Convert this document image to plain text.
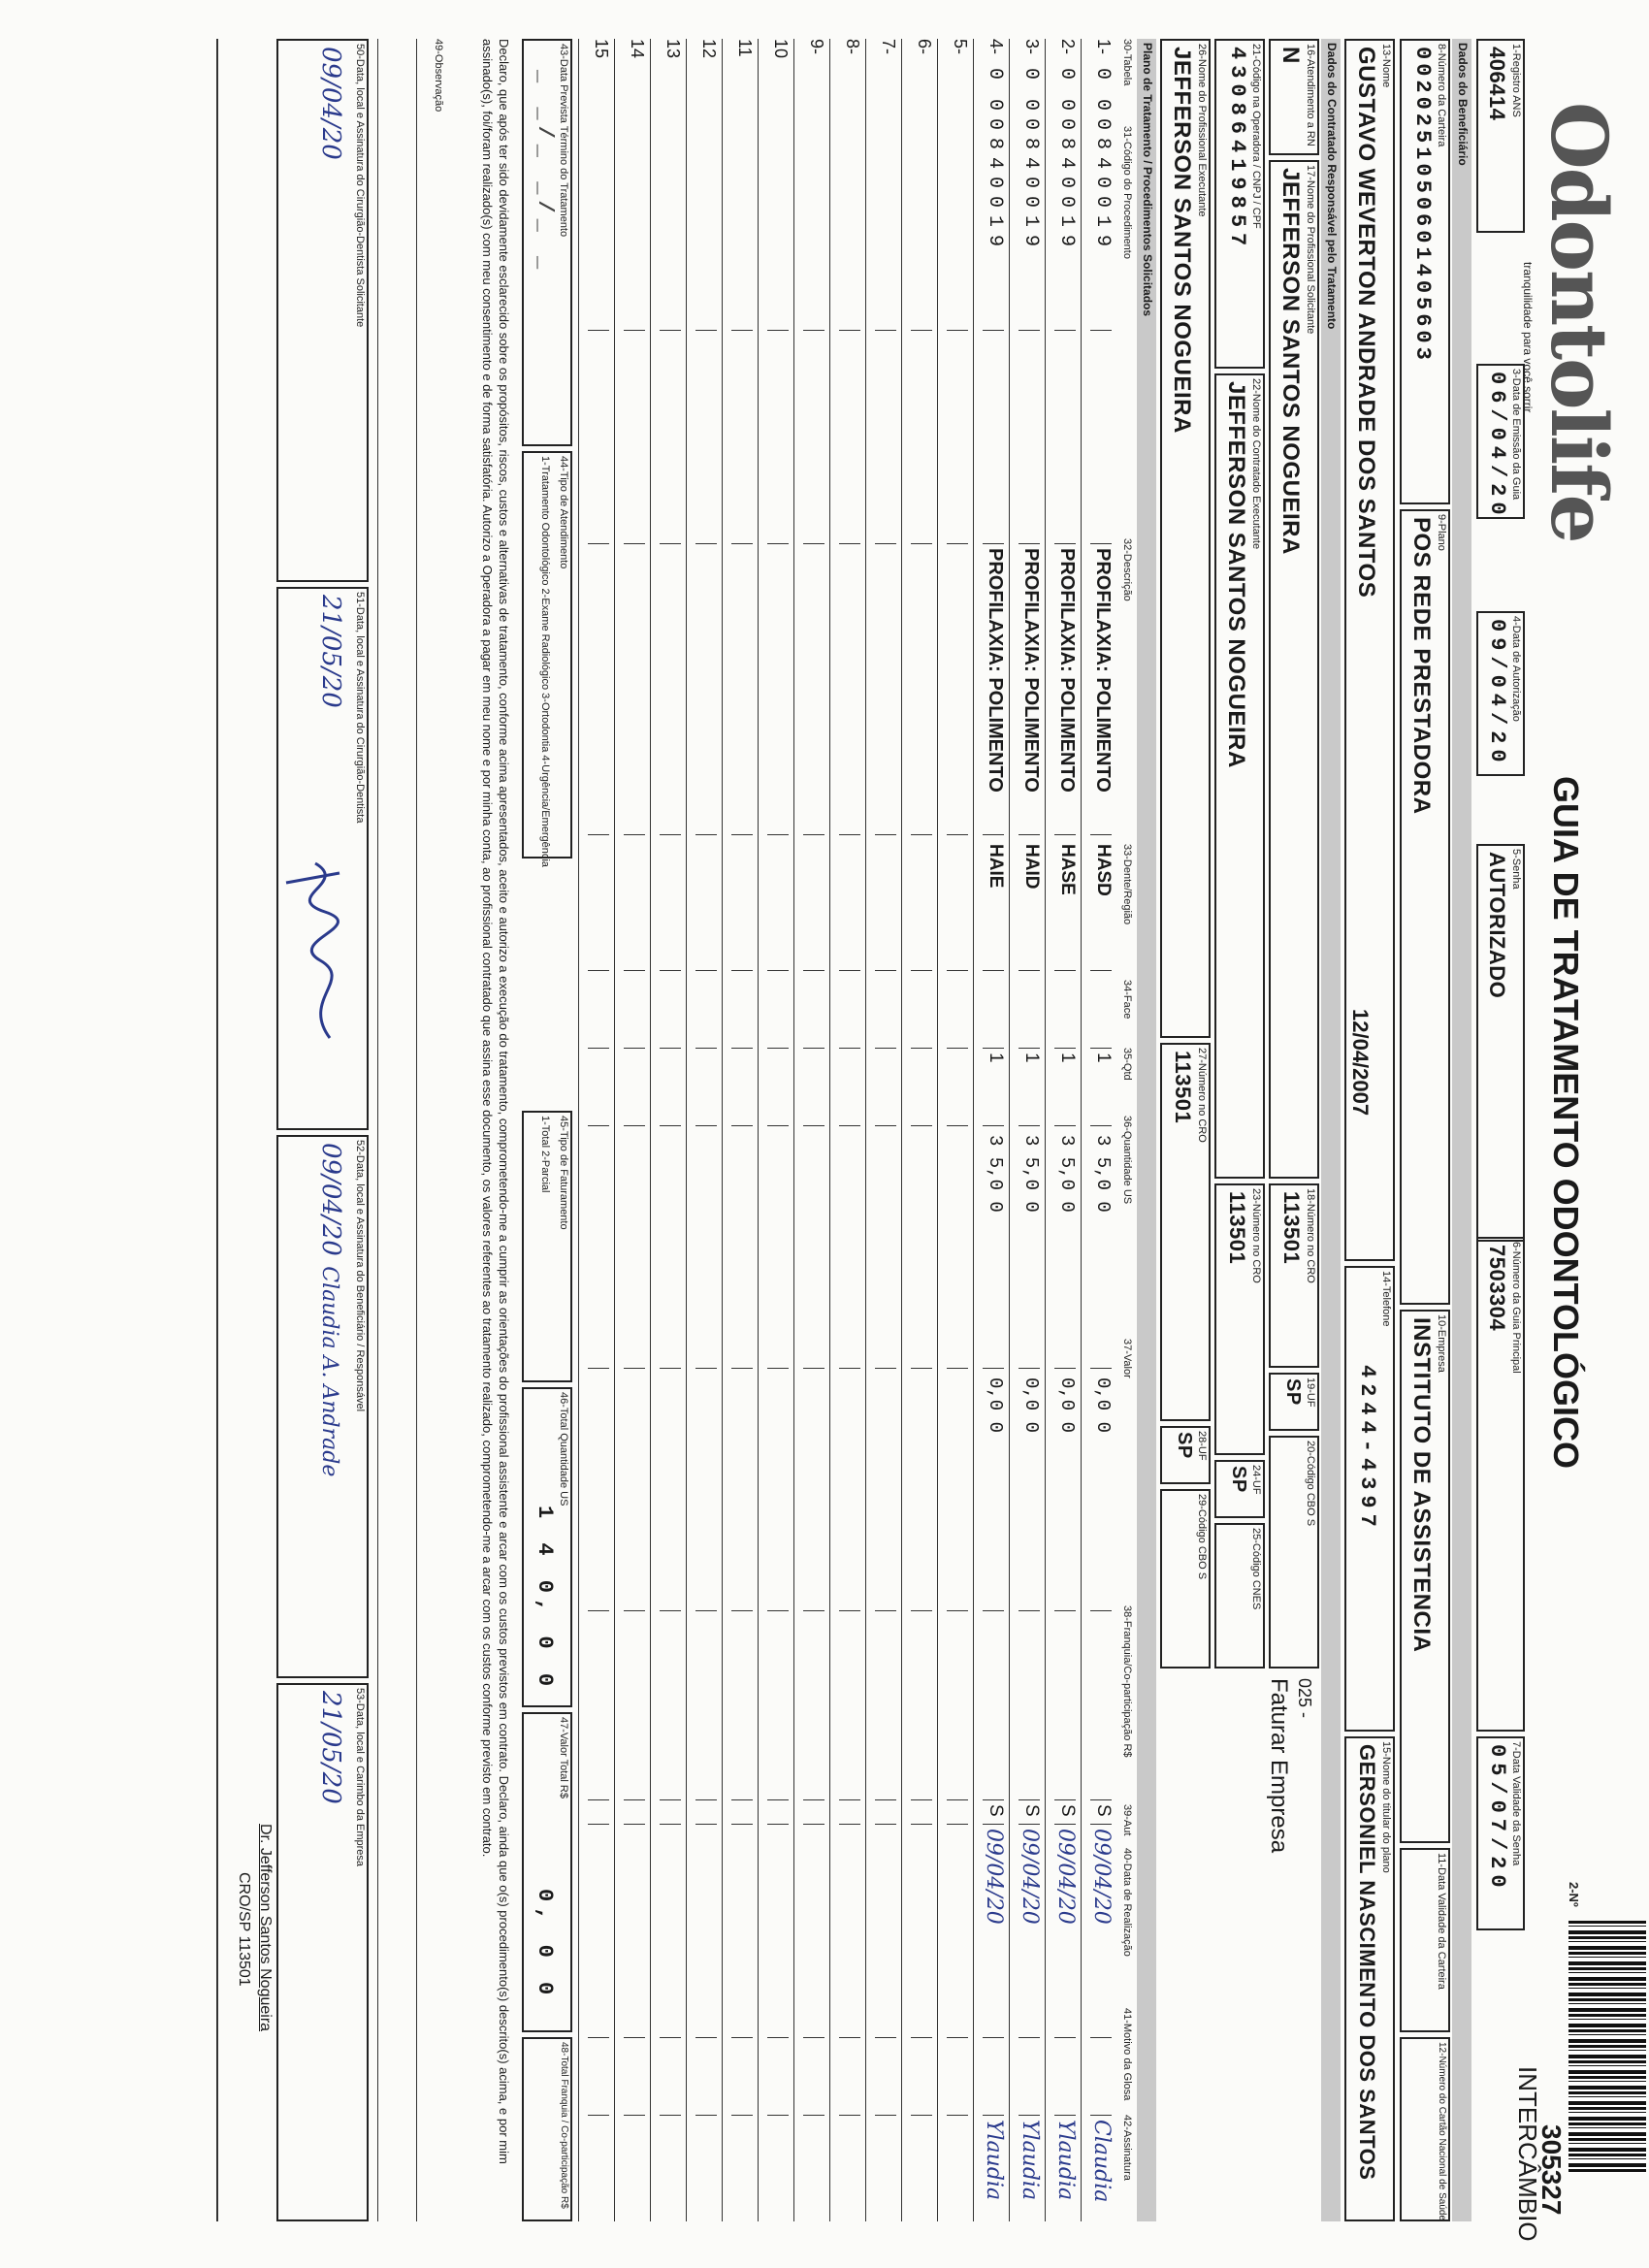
Odontolife
tranquilidade para você sorrir
GUIA DE TRATAMENTO ODONTOLÓGICO
2-Nº
305327
INTERCÂMBIO
1-Registro ANS
406414
3-Data de Emissão da Guia
06/04/20
4-Data de Autorização
09/04/20
5-Senha
AUTORIZADO
6-Número da Guia Principal
7503304
7-Data Validade da Senha
05/07/20
Dados do Beneficiário
8-Número da Carteira
0020251050601405603
9-Plano
POS REDE PRESTADORA
10-Empresa
INSTITUTO DE ASSISTENCIA
11-Data Validade da Carteira
12-Número do Cartão Nacional de Saúde
13-Nome
GUSTAVO WEVERTON ANDRADE DOS SANTOS
12/04/2007
14-Telefone
4244-4397
15-Nome do titular do plano
GERSONIEL NASCIMENTO DOS SANTOS
Dados do Contratado Responsável pelo Tratamento
16-Atendimento a RN
N
17-Nome do Profissional Solicitante
JEFFERSON SANTOS NOGUEIRA
18-Número no CRO
113501
19-UF
SP
20-Código CBO S
025 -
Faturar Empresa
21-Código na Operadora / CNPJ / CPF
43086419857
22-Nome do Contratado Executante
JEFFERSON SANTOS NOGUEIRA
23-Número no CRO
113501
24-UF
SP
25-Código CNES
26-Nome do Profissional Executante
JEFFERSON SANTOS NOGUEIRA
27-Número no CRO
113501
28-UF
SP
29-Código CBO S
Plano de Tratamento / Procedimentos Solicitados
30-Tabela
31-Código do Procedimento
32-Descrição
33-Dente/Região
34-Face
35-Qtd
36-Quantidade US
37-Valor
38-Franquia/Co-participação R$
39-Aut
40-Data de Realização
41-Motivo da Glosa
42-Assinatura
1-
0
00840019
PROFILAXIA: POLIMENTO
HASD
1
3 5,0 0
0,0 0
S
09/04/20
Claudia
2-
0
00840019
PROFILAXIA: POLIMENTO
HASE
1
3 5,0 0
0,0 0
S
09/04/20
Ylaudia
3-
0
00840019
PROFILAXIA: POLIMENTO
HAID
1
3 5,0 0
0,0 0
S
09/04/20
Ylaudia
4-
0
00840019
PROFILAXIA: POLIMENTO
HAIE
1
3 5,0 0
0,0 0
S
09/04/20
Ylaudia
5-
6-
7-
8-
9-
10
11
12
13
14
15
43-Data Prevista Término do Tratamento
_ _/_ _/_ _
44-Tipo de Atendimento
1-Tratamento Odontológico 2-Exame Radiológico 3-Ortodontia 4-Urgência/Emergência
45-Tipo de Faturamento
1-Total 2-Parcial
46-Total Quantidade US
1 4 0, 0 0
47-Valor Total R$
0, 0 0
48-Total Franquia / Co-participação R$
Declaro, que após ter sido devidamente esclarecido sobre os propósitos, riscos, custos e alternativas de tratamento, conforme acima apresentados, aceito e autorizo a execução do tratamento, comprometendo-me a cumprir as orientações do profissional assistente e arcar com os custos previstos em contrato. Declaro, ainda que o(s) procedimento(s) descrito(s) acima, e por mim assinado(s), foi/foram realizado(s) com meu consentimento e de forma satisfatória. Autorizo a Operadora a pagar em meu nome e por minha conta, ao profissional contratado que assina esse documento, os valores referentes ao tratamento realizado, comprometendo-me a arcar com os custos conforme previsto em contrato.
49-Observação
50-Data, local e Assinatura do Cirurgião-Dentista Solicitante
09/04/20
51-Data, local e Assinatura do Cirurgião-Dentista
21/05/20
52-Data, local e Assinatura do Beneficiário / Responsável
09/04/20 Claudia A. Andrade
53-Data, local e Carimbo da Empresa
21/05/20
Dr. Jefferson Santos Nogueira
CRO/SP 113501
